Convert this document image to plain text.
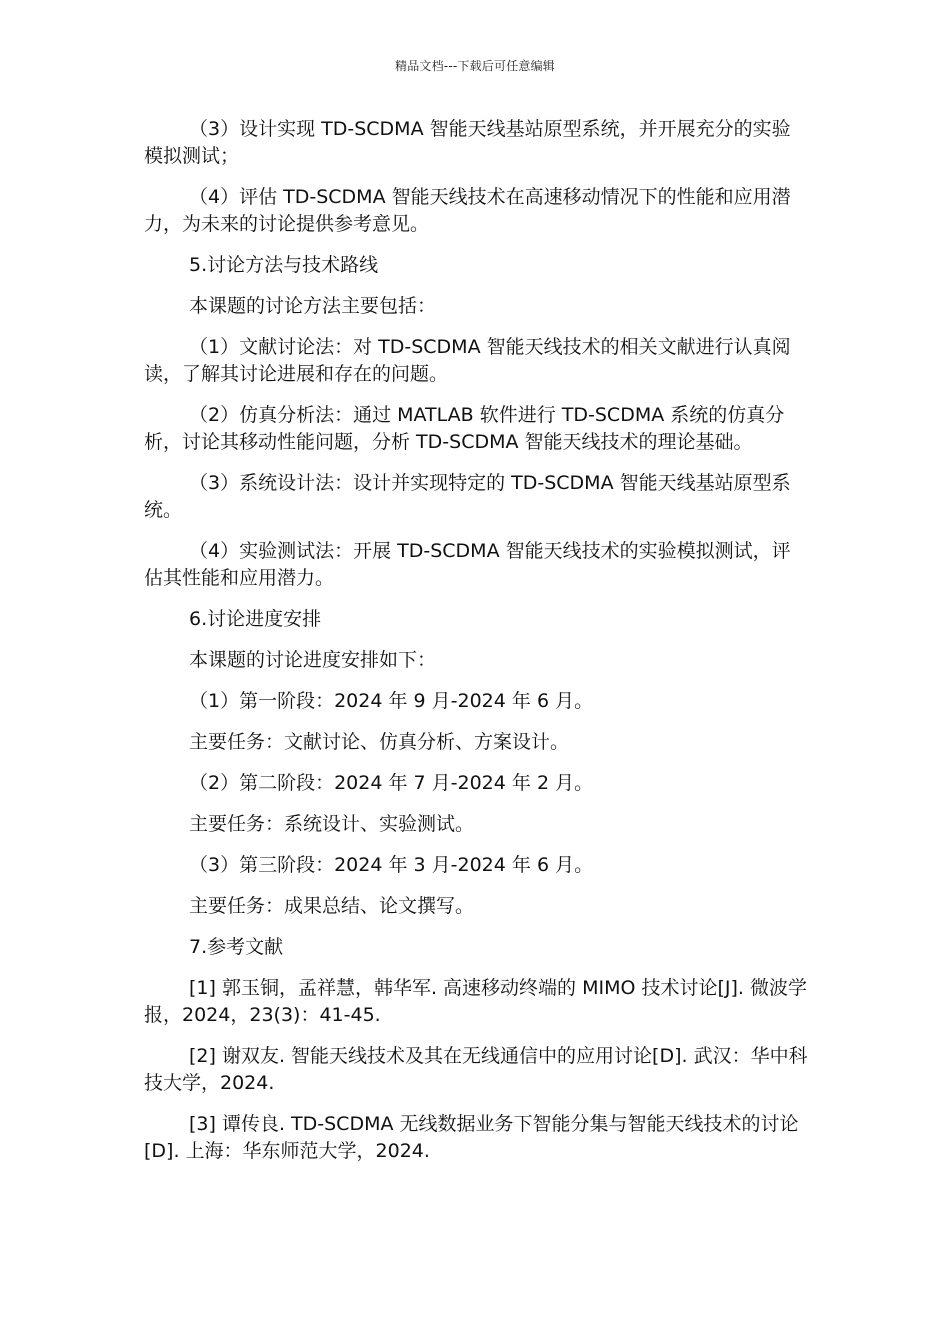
精品文档---下载后可任意编辑

（3）设计实现 TD-SCDMA 智能天线基站原型系统，并开展充分的实验模拟测试；

（4）评估 TD-SCDMA 智能天线技术在高速移动情况下的性能和应用潜力，为未来的讨论提供参考意见。

5.讨论方法与技术路线

本课题的讨论方法主要包括：

（1）文献讨论法：对 TD-SCDMA 智能天线技术的相关文献进行认真阅读，了解其讨论进展和存在的问题。

（2）仿真分析法：通过 MATLAB 软件进行 TD-SCDMA 系统的仿真分析，讨论其移动性能问题，分析 TD-SCDMA 智能天线技术的理论基础。

（3）系统设计法：设计并实现特定的 TD-SCDMA 智能天线基站原型系统。

（4）实验测试法：开展 TD-SCDMA 智能天线技术的实验模拟测试，评估其性能和应用潜力。

6.讨论进度安排

本课题的讨论进度安排如下：

（1）第一阶段：2024 年 9 月-2024 年 6 月。

主要任务：文献讨论、仿真分析、方案设计。

（2）第二阶段：2024 年 7 月-2024 年 2 月。

主要任务：系统设计、实验测试。

（3）第三阶段：2024 年 3 月-2024 年 6 月。

主要任务：成果总结、论文撰写。

7.参考文献

[1] 郭玉铜，孟祥慧，韩华军. 高速移动终端的 MIMO 技术讨论[J]. 微波学报，2024，23(3)：41-45.

[2] 谢双友. 智能天线技术及其在无线通信中的应用讨论[D]. 武汉：华中科技大学，2024.

[3] 谭传良. TD-SCDMA 无线数据业务下智能分集与智能天线技术的讨论[D]. 上海：华东师范大学，2024.
